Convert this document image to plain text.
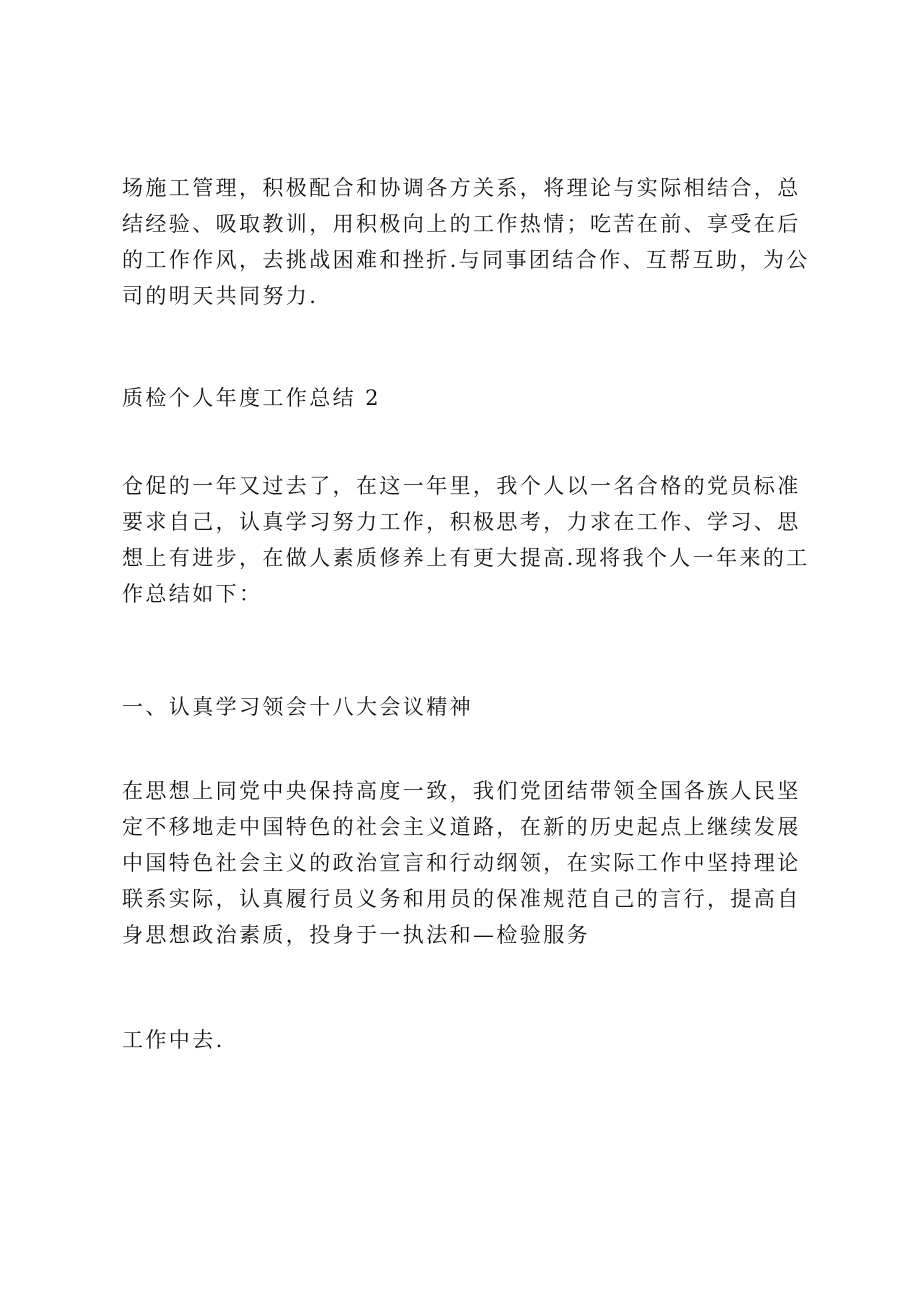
场施工管理，积极配合和协调各方关系，将理论与实际相结合，总
结经验、吸取教训，用积极向上的工作热情；吃苦在前、享受在后
的工作作风，去挑战困难和挫折.与同事团结合作、互帮互助，为公
司的明天共同努力.
质检个人年度工作总结 2
仓促的一年又过去了，在这一年里，我个人以一名合格的党员标准
要求自己，认真学习努力工作，积极思考，力求在工作、学习、思
想上有进步，在做人素质修养上有更大提高.现将我个人一年来的工
作总结如下：
一、认真学习领会十八大会议精神
在思想上同党中央保持高度一致，我们党团结带领全国各族人民坚
定不移地走中国特色的社会主义道路，在新的历史起点上继续发展
中国特色社会主义的政治宣言和行动纲领，在实际工作中坚持理论
联系实际，认真履行员义务和用员的保准规范自己的言行，提高自
身思想政治素质，投身于一执法和—检验服务
工作中去.
